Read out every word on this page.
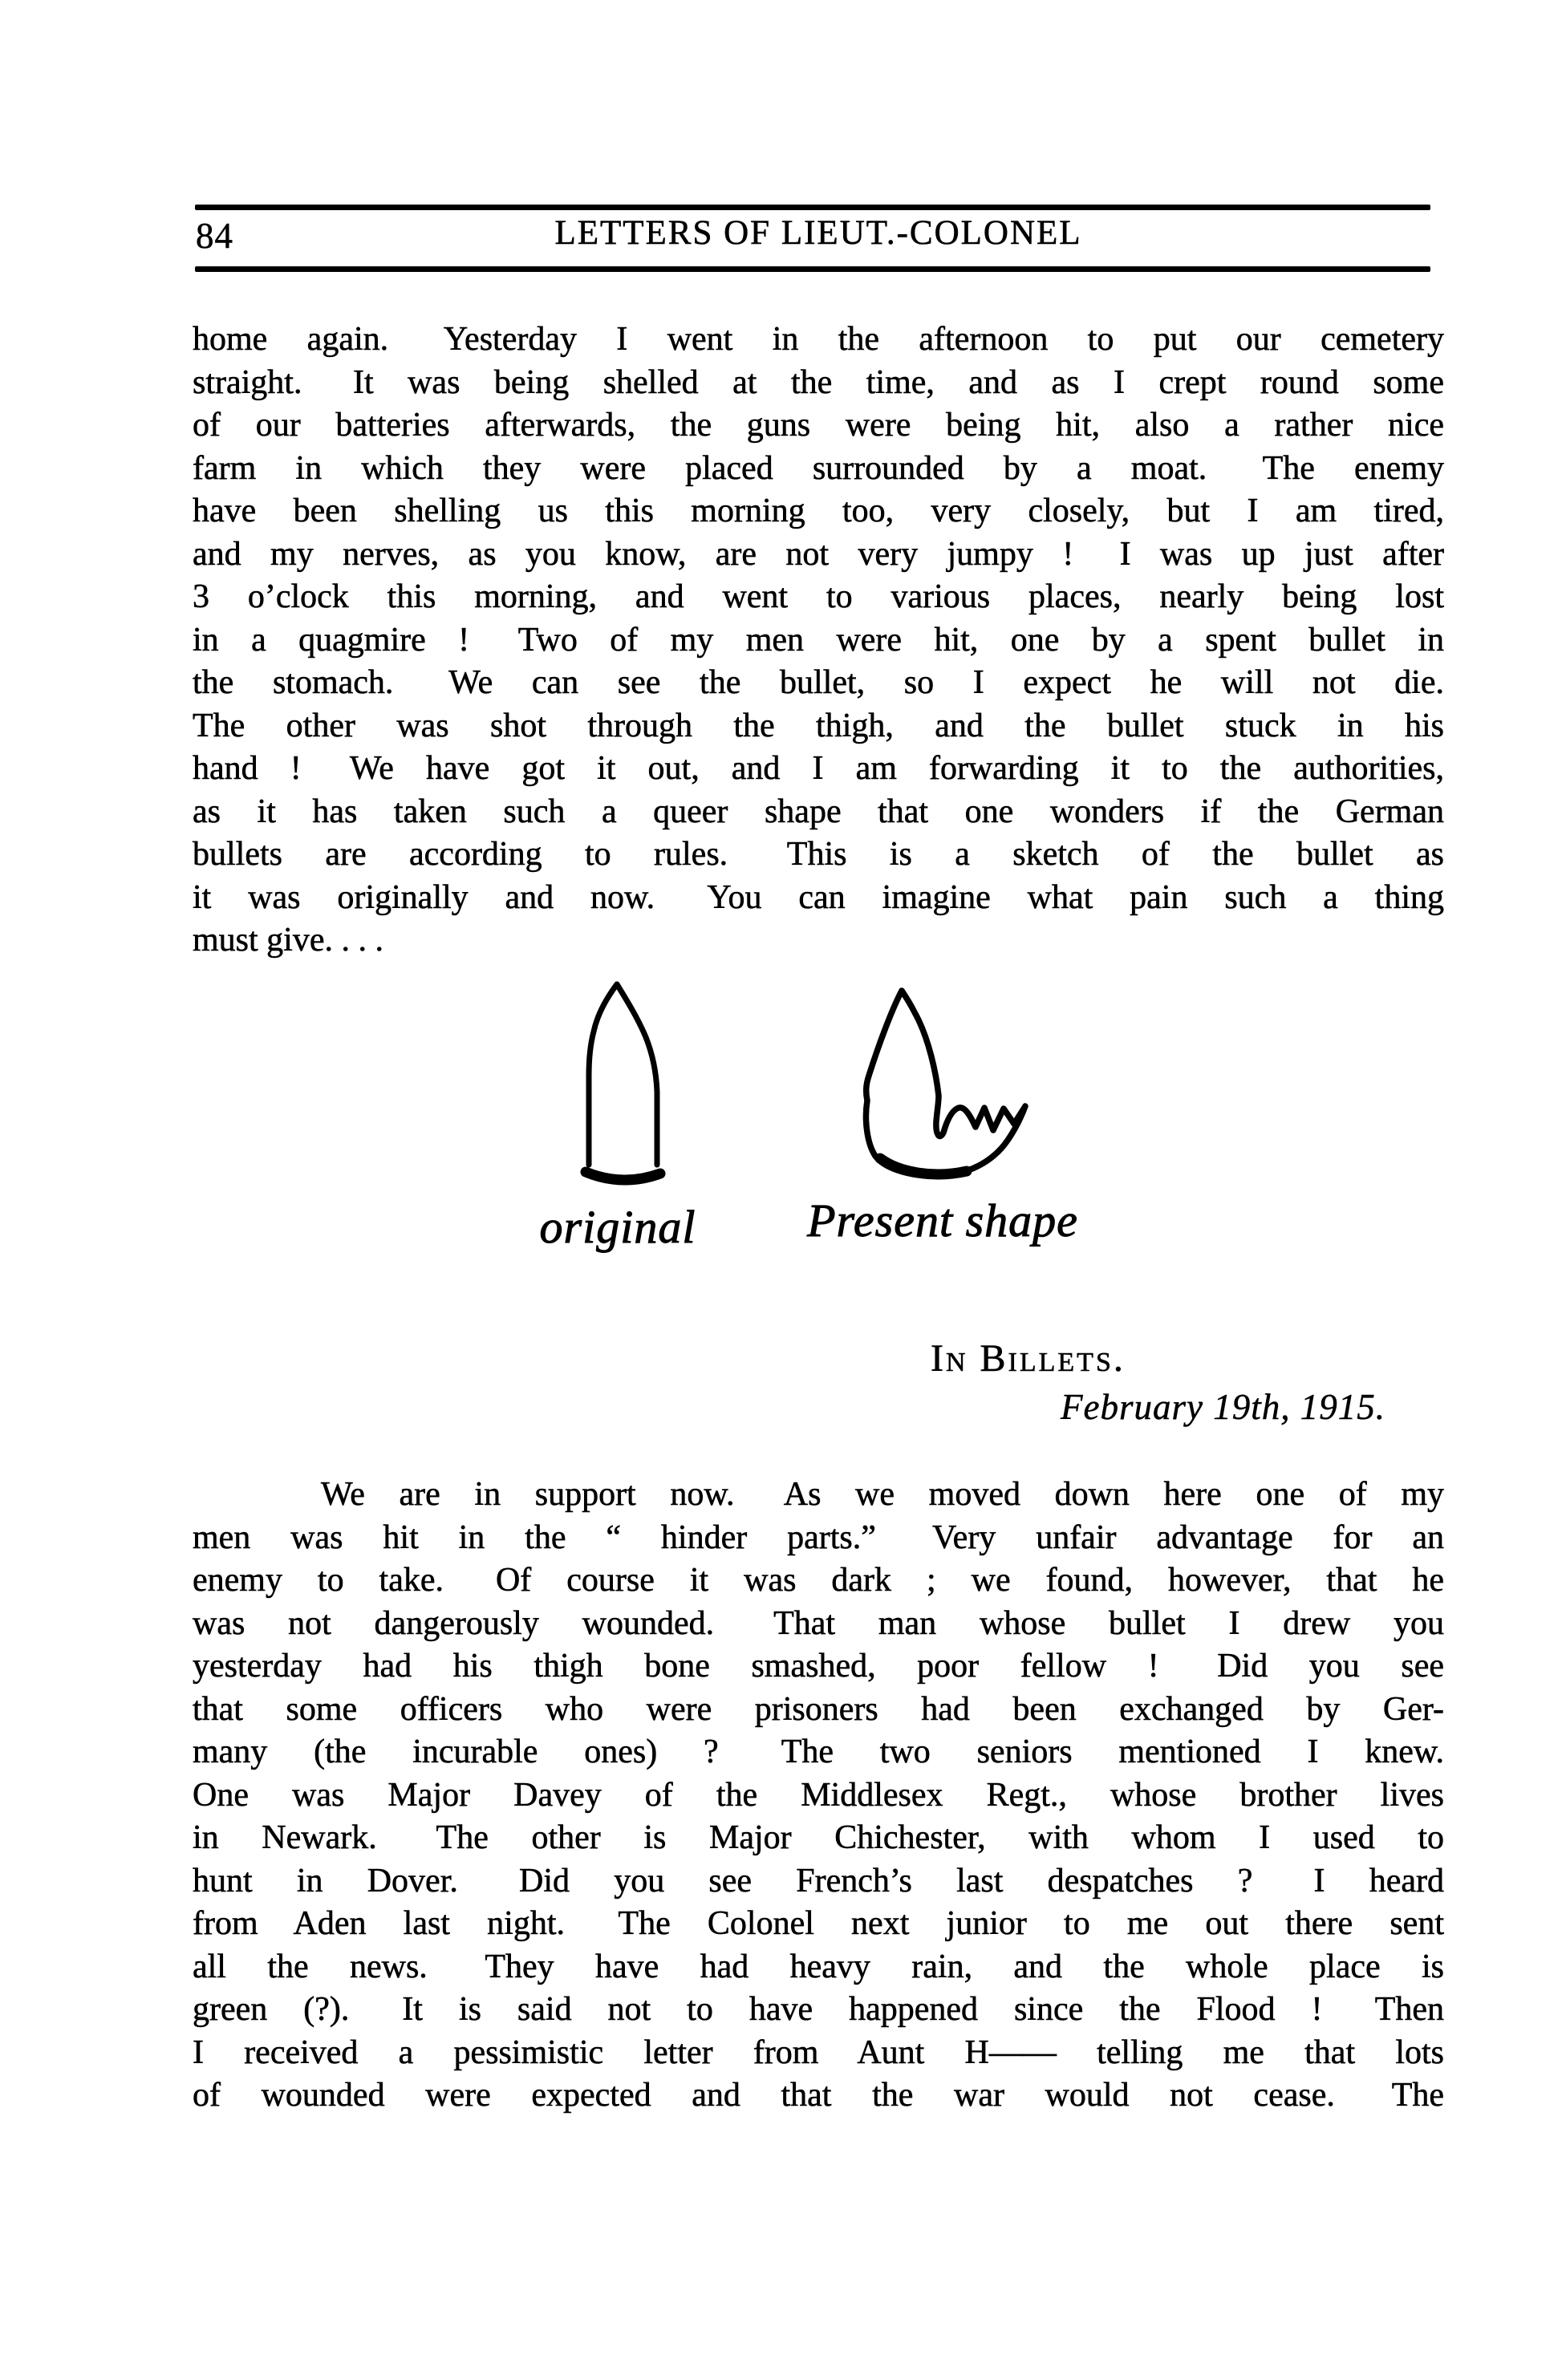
84	LETTERS OF LIEUT.-COLONEL
home again.  Yesterday I went in the afternoon to put our cemetery
straight.  It was being shelled at the time, and as I crept round some
of our batteries afterwards, the guns were being hit, also a rather nice
farm in which they were placed surrounded by a moat.  The enemy
have been shelling us this morning too, very closely, but I am tired,
and my nerves, as you know, are not very jumpy !  I was up just after
3 o’clock this morning, and went to various places, nearly being lost
in a quagmire !  Two of my men were hit, one by a spent bullet in
the stomach.  We can see the bullet, so I expect he will not die.
The other was shot through the thigh, and the bullet stuck in his
hand !  We have got it out, and I am forwarding it to the authorities,
as it has taken such a queer shape that one wonders if the German
bullets are according to rules.  This is a sketch of the bullet as
it was originally and now.  You can imagine what pain such a thing
must give. . . .
original	Present shape
In Billets.
February 19th, 1915.
We are in support now.  As we moved down here one of my
men was hit in the “ hinder parts.”  Very unfair advantage for an
enemy to take.  Of course it was dark ; we found, however, that he
was not dangerously wounded.  That man whose bullet I drew you
yesterday had his thigh bone smashed, poor fellow !  Did you see
that some officers who were prisoners had been exchanged by Ger-
many (the incurable ones) ?  The two seniors mentioned I knew.
One was Major Davey of the Middlesex Regt., whose brother lives
in Newark.  The other is Major Chichester, with whom I used to
hunt in Dover.  Did you see French’s last despatches ?  I heard
from Aden last night.  The Colonel next junior to me out there sent
all the news.  They have had heavy rain, and the whole place is
green (?).  It is said not to have happened since the Flood !  Then
I received a pessimistic letter from Aunt H—— telling me that lots
of wounded were expected and that the war would not cease.  The
